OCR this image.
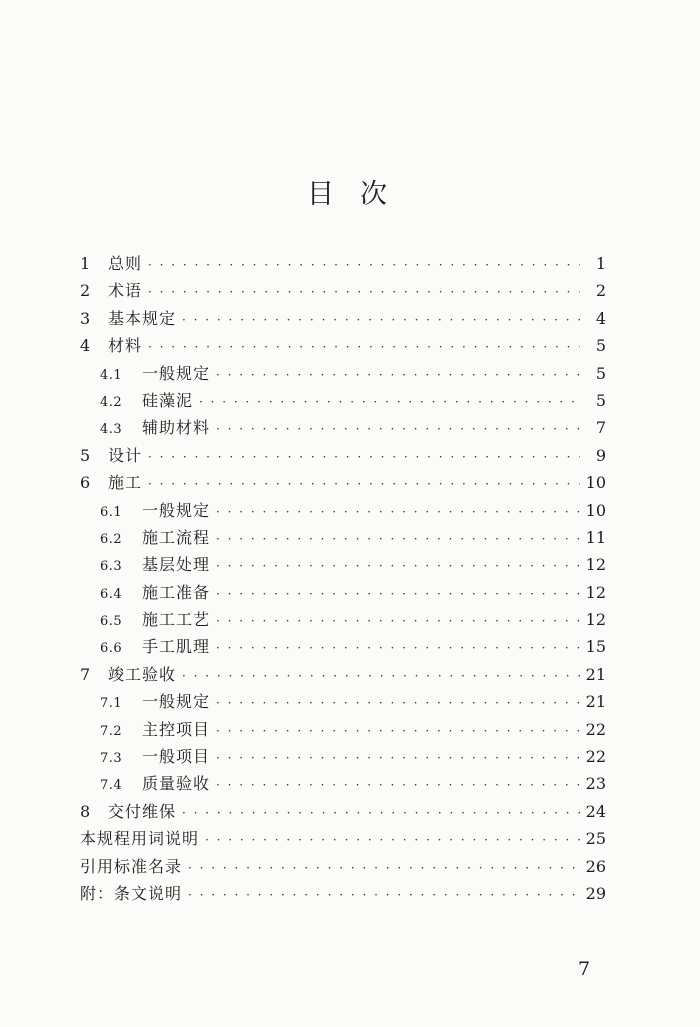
目次
1	总则 · · ·	1
2	术语 · · ·	2
3	基本规定 · · ·	4
4	材料 · · ·	5
4.1	一般规定 · · ·	5
4.2	硅藻泥 · · ·	5
4.3	辅助材料 · · ·	7
5	设计 · · ·	9
6	施工 · · ·	10
6.1	一般规定 · · ·	10
6.2	施工流程 · · ·	11
6.3	基层处理 · · ·	12
6.4	施工准备 · · ·	12
6.5	施工工艺 · · ·	12
6.6	手工肌理 · · ·	15
7	竣工验收 · · ·	21
7.1	一般规定 · · ·	21
7.2	主控项目 · · ·	22
7.3	一般项目 · · ·	22
7.4	质量验收 · · ·	23
8	交付维保 · · ·	24
本规程用词说明 · · ·	25
引用标准名录 · · ·	26
附：条文说明 · · ·	29
7
